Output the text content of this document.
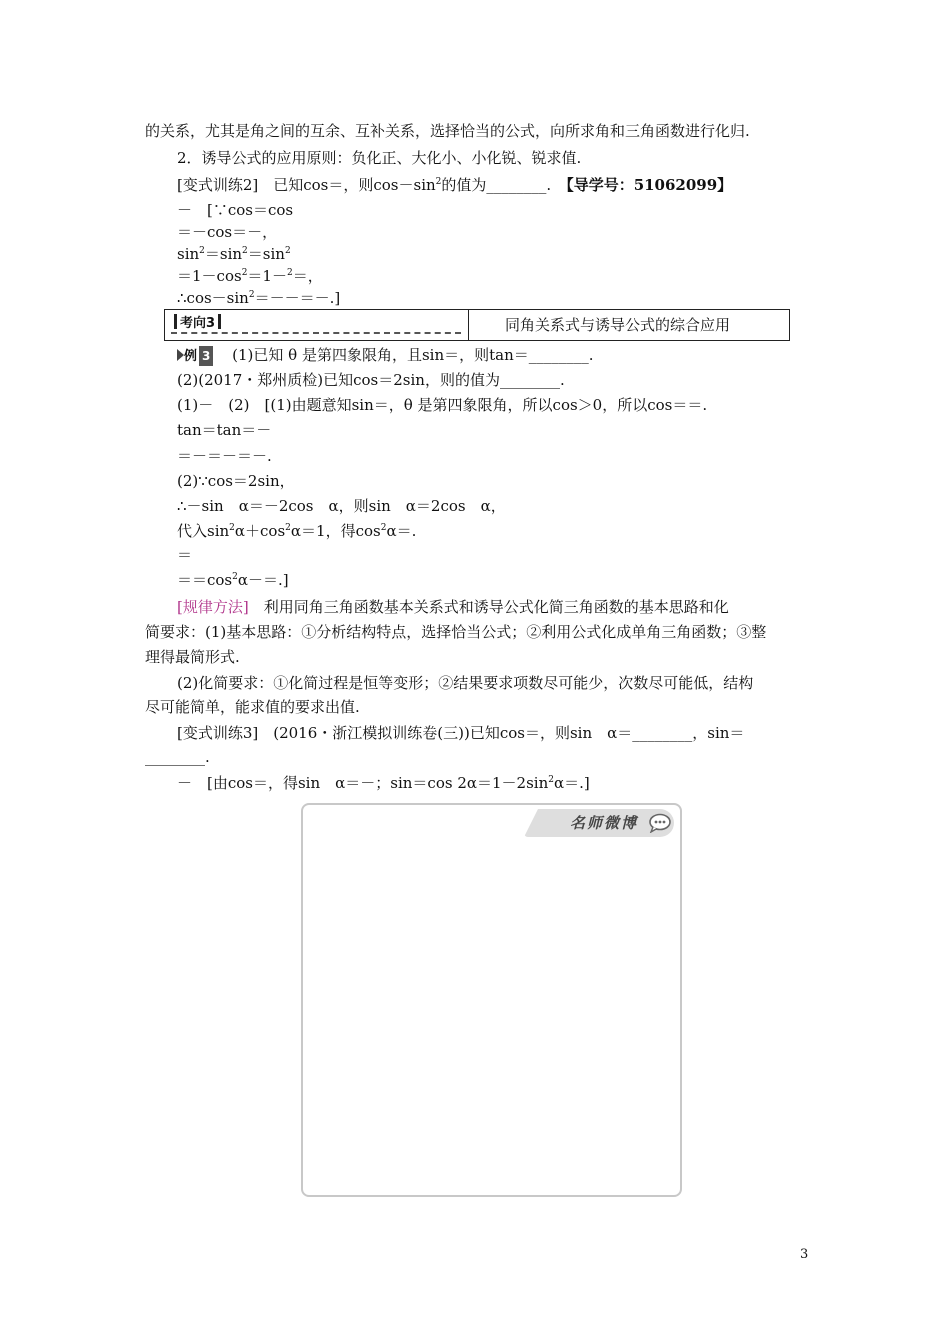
的关系，尤其是角之间的互余、互补关系，选择恰当的公式，向所求角和三角函数进行化归.
2．诱导公式的应用原则：负化正、大化小、小化锐、锐求值.
[变式训练2]　已知cos＝，则$\cos-\sin^2$的值为________.　【导学号：51062099】
－　[∵cos＝cos
＝－cos＝－，
$\sin^2=\sin^2=\sin^2$
$=1-\cos^2=1-^2=$，
$\therefore\cos-\sin^2=--=-$.]
考向3	同角关系式与诱导公式的综合应用
例 3 (1)已知 θ 是第四象限角，且sin＝，则tan＝________.
(2)(2017・郑州质检)已知cos＝2sin，则的值为________.
(1)－　(2)　[(1)由题意知sin＝，θ 是第四象限角，所以cos＞0，所以cos＝＝.
tan＝tan＝－
＝－＝－＝－.
(2)∵cos＝2sin，
∴－sin　α＝－2cos　α，则sin　α＝2cos　α，
代入$\sin^2\alpha+\cos^2\alpha=1$，得$\cos^2\alpha=$.
＝
$==\cos^2\alpha-=$.]
[规律方法]　利用同角三角函数基本关系式和诱导公式化简三角函数的基本思路和化
简要求：(1)基本思路：①分析结构特点，选择恰当公式；②利用公式化成单角三角函数；③整
理得最简形式.
(2)化简要求：①化简过程是恒等变形；②结果要求项数尽可能少，次数尽可能低，结构
尽可能简单，能求值的要求出值.
[变式训练3]　(2016・浙江模拟训练卷(三))已知cos＝，则sin　α＝________，sin＝
________.
－　[由cos＝，得sin　α＝－；sin＝cos $2\alpha=1-2\sin^2\alpha=$.]
名师微博
3
